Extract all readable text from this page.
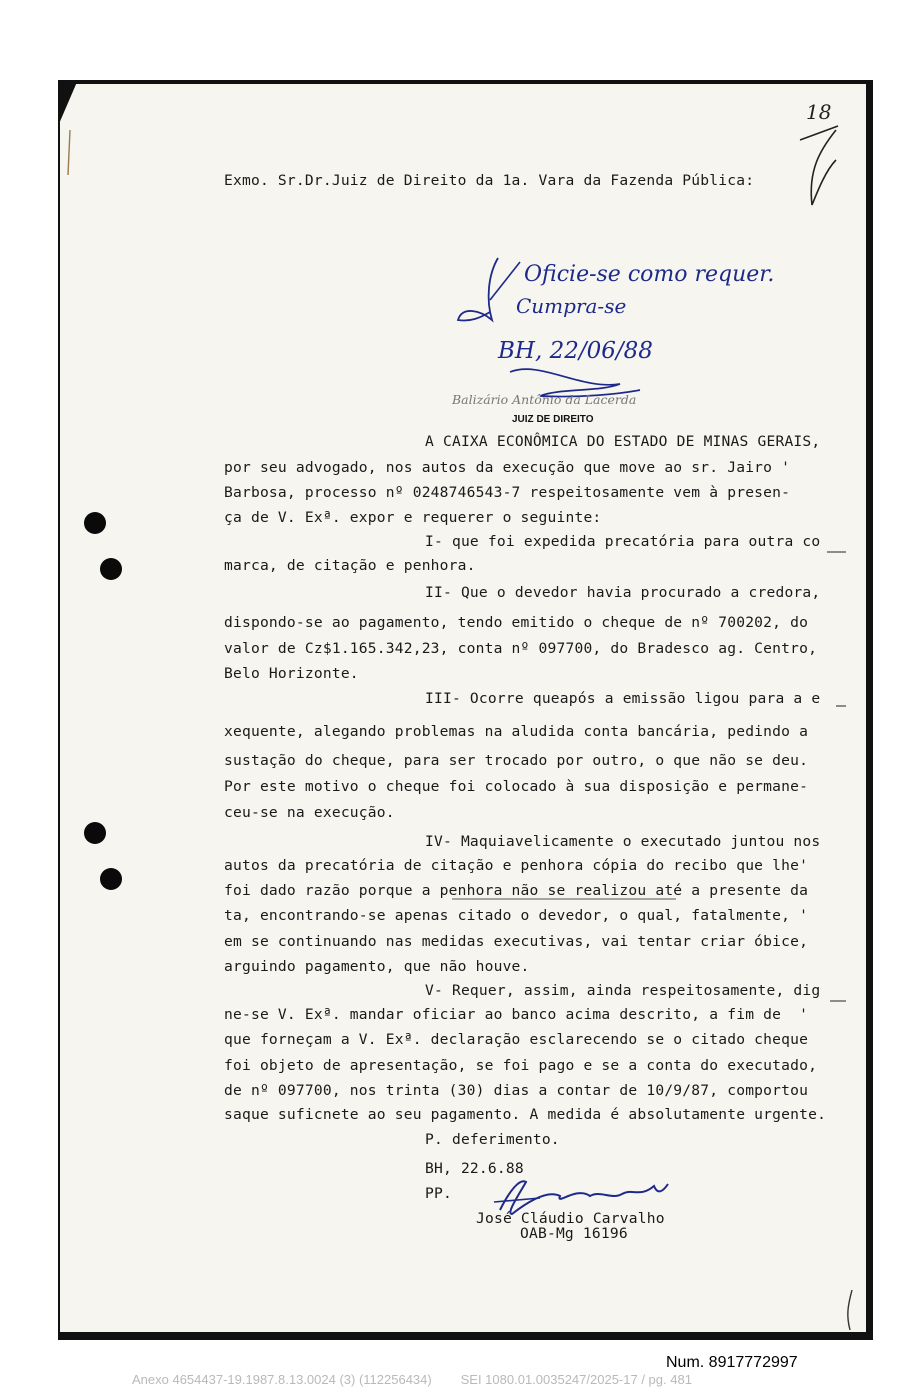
18
Exmo. Sr.Dr.Juiz de Direito da 1a. Vara da Fazenda Pública:
Oficie-se como requer.
Cumpra-se
BH, 22/06/88
Balizário Antônio da Lacerda
JUIZ DE DIREITO
A CAIXA ECONÔMICA DO ESTADO DE MINAS GERAIS,
por seu advogado, nos autos da execução que move ao sr. Jairo '
Barbosa, processo nº 0248746543-7 respeitosamente vem à presen-
ça de V. Exª. expor e requerer o seguinte:
I- que foi expedida precatória para outra co
marca, de citação e penhora.
II- Que o devedor havia procurado a credora,
dispondo-se ao pagamento, tendo emitido o cheque de nº 700202, do
valor de Cz$1.165.342,23, conta nº 097700, do Bradesco ag. Centro,
Belo Horizonte.
III- Ocorre queapós a emissão ligou para a e
xequente, alegando problemas na aludida conta bancária, pedindo a
sustação do cheque, para ser trocado por outro, o que não se deu.
Por este motivo o cheque foi colocado à sua disposição e permane-
ceu-se na execução.
IV- Maquiavelicamente o executado juntou nos
autos da precatória de citação e penhora cópia do recibo que lhe'
foi dado razão porque a penhora não se realizou até a presente da
ta, encontrando-se apenas citado o devedor, o qual, fatalmente, '
em se continuando nas medidas executivas, vai tentar criar óbice,
arguindo pagamento, que não houve.
V- Requer, assim, ainda respeitosamente, dig
ne-se V. Exª. mandar oficiar ao banco acima descrito, a fim de  '
que forneçam a V. Exª. declaração esclarecendo se o citado cheque
foi objeto de apresentação, se foi pago e se a conta do executado,
de nº 097700, nos trinta (30) dias a contar de 10/9/87, comportou
saque suficnete ao seu pagamento. A medida é absolutamente urgente.
P. deferimento.
BH, 22.6.88
PP.
José Cláudio Carvalho
OAB-Mg 16196
Num. 8917772997
Anexo 4654437-19.1987.8.13.0024 (3) (112256434)        SEI 1080.01.0035247/2025-17 / pg. 481
